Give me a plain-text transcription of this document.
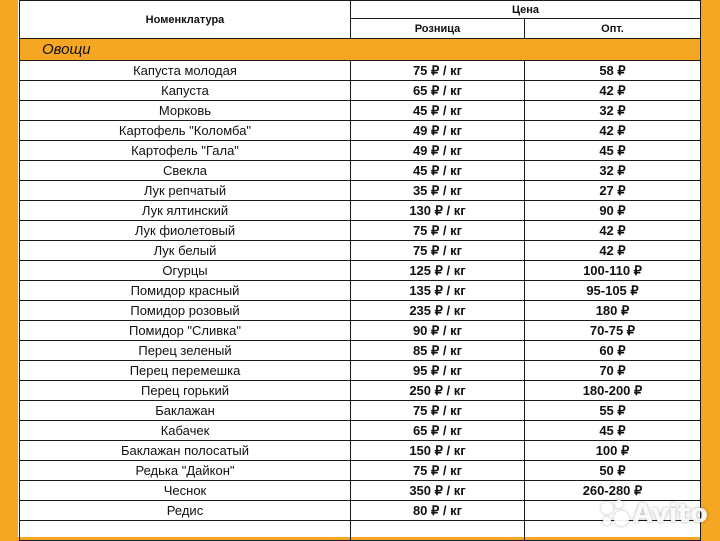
Номенклатура	Цена	
	Розница	Опт.
Овощи		
Капуста молодая	75 ₽ / кг	58 ₽
Капуста	65 ₽ / кг	42 ₽
Морковь	45 ₽ / кг	32 ₽
Картофель "Коломба"	49 ₽ / кг	42 ₽
Картофель "Гала"	49 ₽ / кг	45 ₽
Свекла	45 ₽ / кг	32 ₽
Лук репчатый	35 ₽ / кг	27 ₽
Лук ялтинский	130 ₽ / кг	90 ₽
Лук фиолетовый	75 ₽ / кг	42 ₽
Лук белый	75 ₽ / кг	42 ₽
Огурцы	125 ₽ / кг	100-110 ₽
Помидор красный	135 ₽ / кг	95-105 ₽
Помидор розовый	235 ₽ / кг	180 ₽
Помидор "Сливка"	90 ₽ / кг	70-75 ₽
Перец зеленый	85 ₽ / кг	60 ₽
Перец перемешка	95 ₽ / кг	70 ₽
Перец горький	250 ₽ / кг	180-200 ₽
Баклажан	75 ₽ / кг	55 ₽
Кабачек	65 ₽ / кг	45 ₽
Баклажан полосатый	150 ₽ / кг	100 ₽
Редька "Дайкон"	75 ₽ / кг	50 ₽
Чеснок	350 ₽ / кг	260-280 ₽
Редис	80 ₽ / кг	
			Avito
